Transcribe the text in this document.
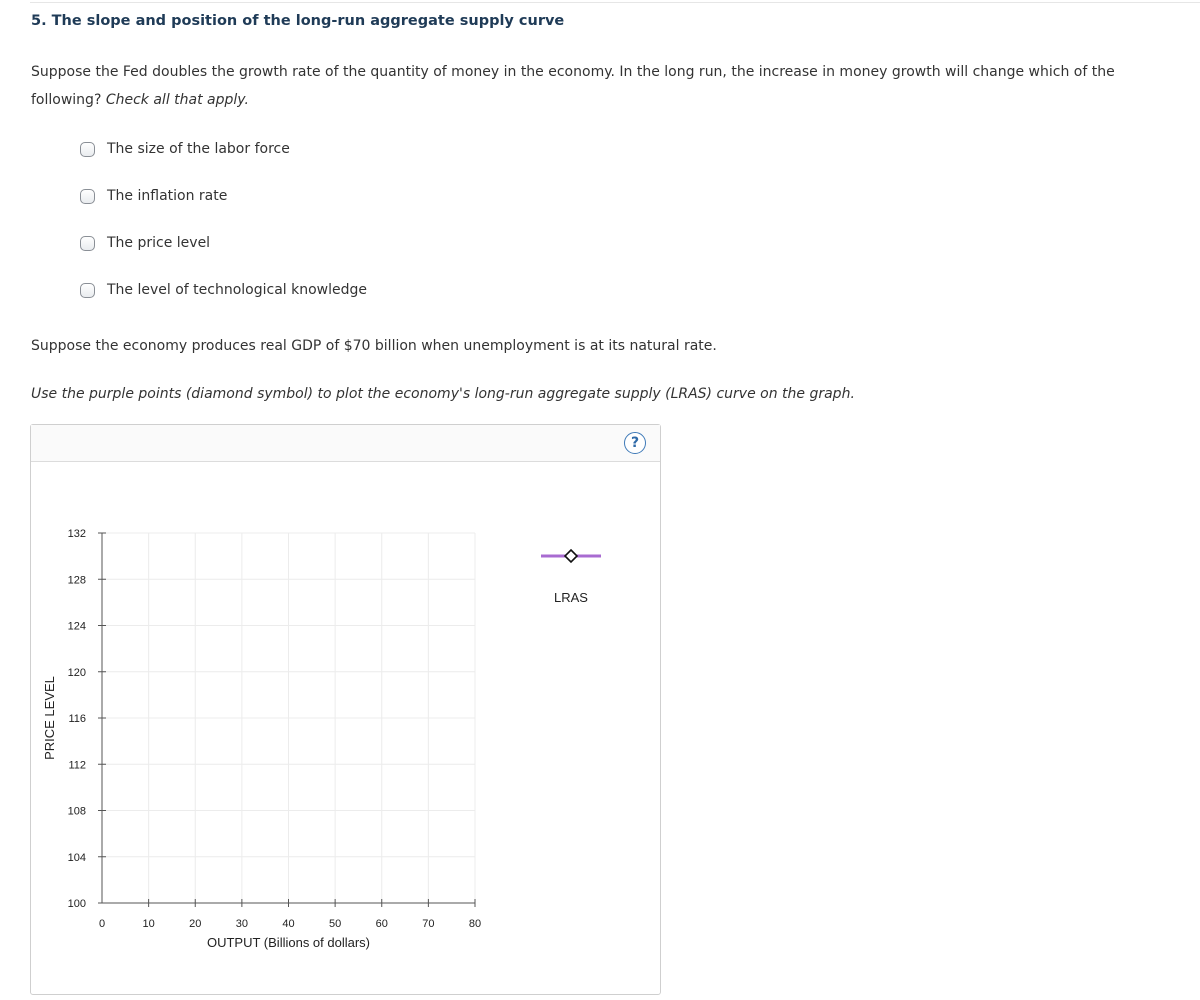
5. The slope and position of the long-run aggregate supply curve

Suppose the Fed doubles the growth rate of the quantity of money in the economy. In the long run, the increase in money growth will change which of the following? Check all that apply.

The size of the labor force
The inflation rate
The price level
The level of technological knowledge

Suppose the economy produces real GDP of $70 billion when unemployment is at its natural rate.

Use the purple points (diamond symbol) to plot the economy's long-run aggregate supply (LRAS) curve on the graph.

?
100
104
108
112
116
120
124
128
132
0	10	20	30	40	50	60	70	80
OUTPUT (Billions of dollars)
PRICE LEVEL
LRAS
